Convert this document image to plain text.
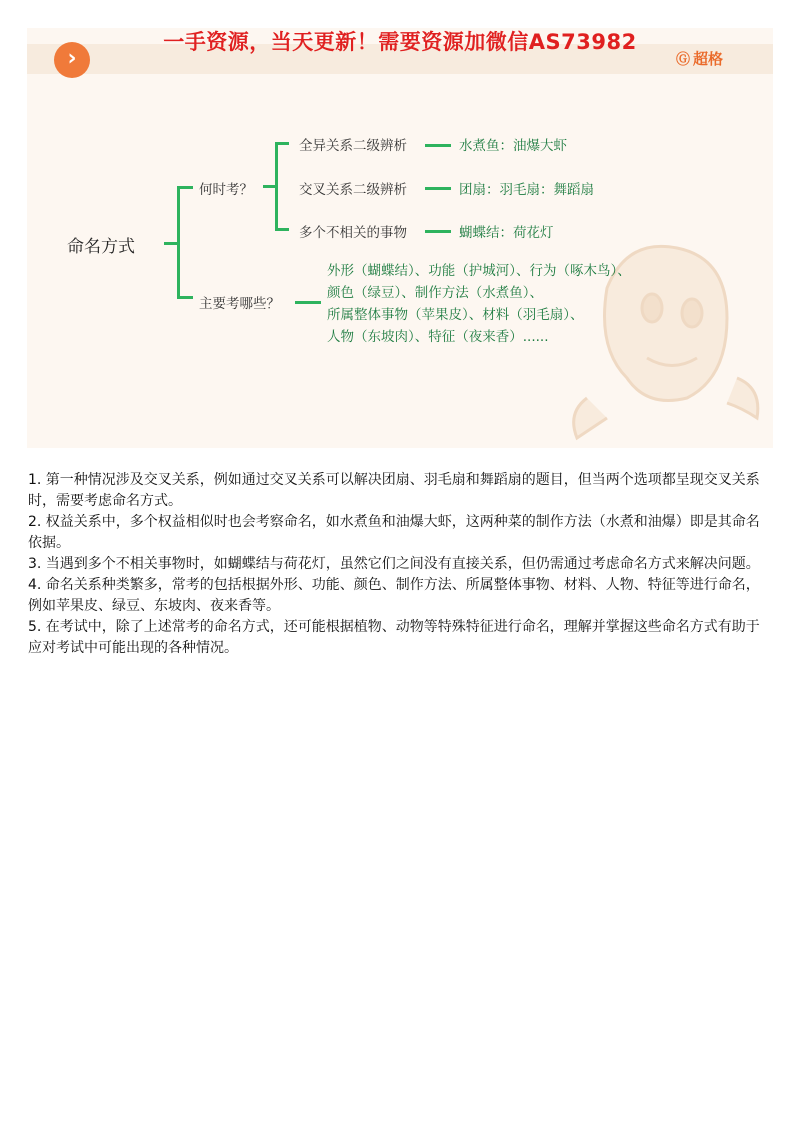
一手资源，当天更新！需要资源加微信AS73982
›	Ⓖ 超格
命名方式
何时考？
主要考哪些？
全异关系二级辨析	水煮鱼：油爆大虾
交叉关系二级辨析	团扇：羽毛扇：舞蹈扇
多个不相关的事物	蝴蝶结：荷花灯
外形（蝴蝶结）、功能（护城河）、行为（啄木鸟）、
颜色（绿豆）、制作方法（水煮鱼）、
所属整体事物（苹果皮）、材料（羽毛扇）、
人物（东坡肉）、特征（夜来香）......

1. 第一种情况涉及交叉关系，例如通过交叉关系可以解决团扇、羽毛扇和舞蹈扇的题目，但当两个选项都呈现交叉关系时，需要考虑命名方式。

2. 权益关系中，多个权益相似时也会考察命名，如水煮鱼和油爆大虾，这两种菜的制作方法（水煮和油爆）即是其命名依据。

3. 当遇到多个不相关事物时，如蝴蝶结与荷花灯，虽然它们之间没有直接关系，但仍需通过考虑命名方式来解决问题。

4. 命名关系种类繁多，常考的包括根据外形、功能、颜色、制作方法、所属整体事物、材料、人物、特征等进行命名，例如苹果皮、绿豆、东坡肉、夜来香等。

5. 在考试中，除了上述常考的命名方式，还可能根据植物、动物等特殊特征进行命名，理解并掌握这些命名方式有助于应对考试中可能出现的各种情况。
